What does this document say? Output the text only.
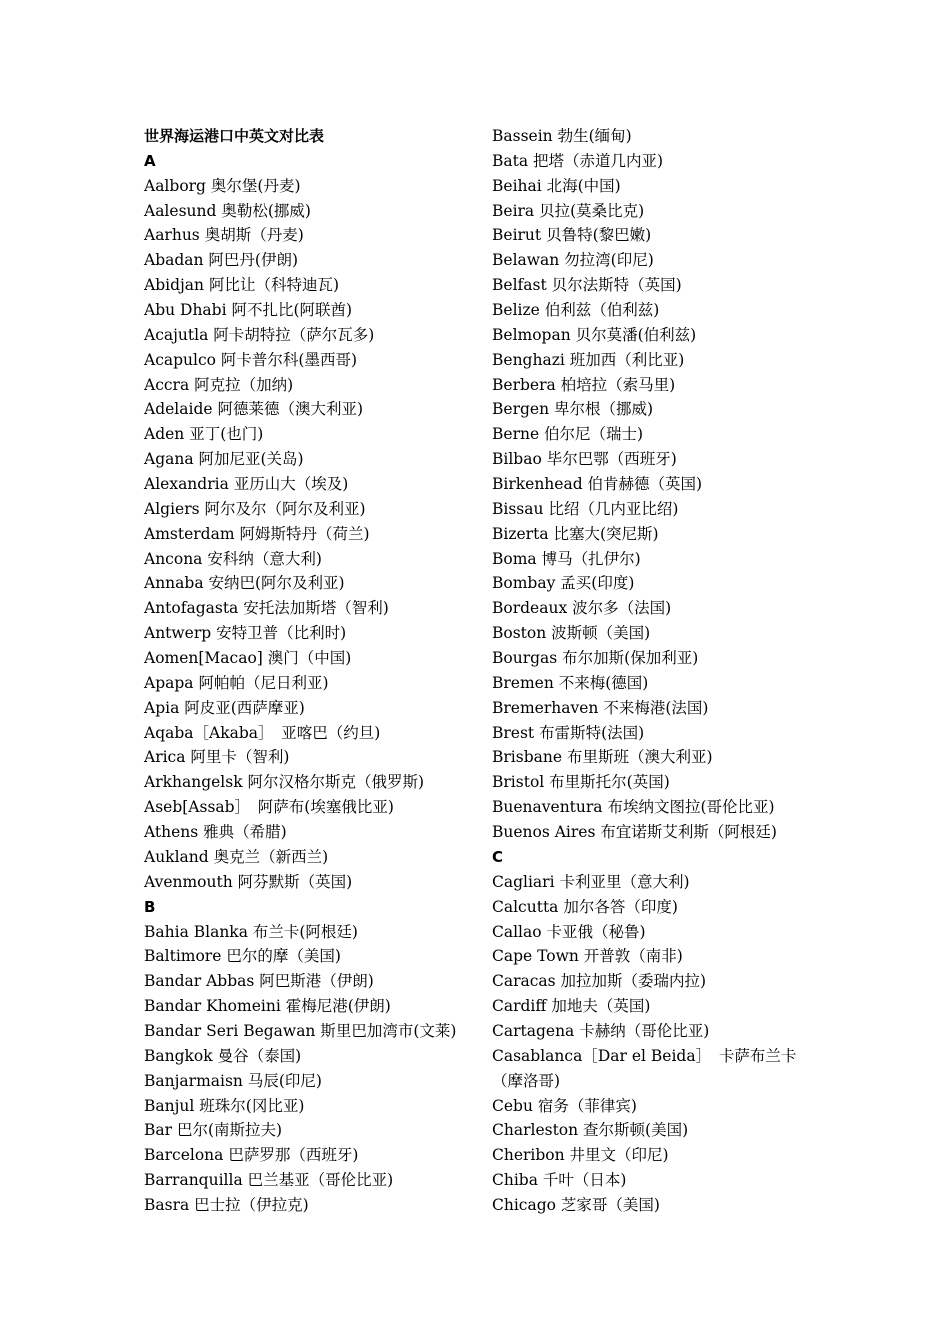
世界海运港口中英文对比表
A
Aalborg 奥尔堡(丹麦)
Aalesund 奥勒松(挪威)
Aarhus 奥胡斯（丹麦)
Abadan 阿巴丹(伊朗)
Abidjan 阿比让（科特迪瓦)
Abu Dhabi 阿不扎比(阿联酋)
Acajutla 阿卡胡特拉（萨尔瓦多)
Acapulco 阿卡普尔科(墨西哥)
Accra 阿克拉（加纳)
Adelaide 阿德莱德（澳大利亚)
Aden 亚丁(也门)
Agana 阿加尼亚(关岛)
Alexandria 亚历山大（埃及)
Algiers 阿尔及尔（阿尔及利亚)
Amsterdam 阿姆斯特丹（荷兰)
Ancona 安科纳（意大利)
Annaba 安纳巴(阿尔及利亚)
Antofagasta 安托法加斯塔（智利)
Antwerp 安特卫普（比利时)
Aomen[Macao] 澳门（中国)
Apapa 阿帕帕（尼日利亚)
Apia 阿皮亚(西萨摩亚)
Aqaba［Akaba］　亚喀巴（约旦)
Arica 阿里卡（智利)
Arkhangelsk 阿尔汉格尔斯克（俄罗斯)
Aseb[Assab］　阿萨布(埃塞俄比亚)
Athens 雅典（希腊)
Aukland 奥克兰（新西兰)
Avenmouth 阿芬默斯（英国)
B
Bahia Blanka 布兰卡(阿根廷)
Baltimore 巴尔的摩（美国)
Bandar Abbas 阿巴斯港（伊朗)
Bandar Khomeini 霍梅尼港(伊朗)
Bandar Seri Begawan 斯里巴加湾市(文莱)
Bangkok 曼谷（泰国)
Banjarmaisn 马辰(印尼)
Banjul 班珠尔(冈比亚)
Bar 巴尔(南斯拉夫)
Barcelona 巴萨罗那（西班牙)
Barranquilla 巴兰基亚（哥伦比亚)
Basra 巴士拉（伊拉克)
Bassein 勃生(缅甸)
Bata 把塔（赤道几内亚)
Beihai 北海(中国)
Beira 贝拉(莫桑比克)
Beirut 贝鲁特(黎巴嫩)
Belawan 勿拉湾(印尼)
Belfast 贝尔法斯特（英国)
Belize 伯利兹（伯利兹)
Belmopan 贝尔莫潘(伯利兹)
Benghazi 班加西（利比亚)
Berbera 柏培拉（索马里)
Bergen 卑尔根（挪威)
Berne 伯尔尼（瑞士)
Bilbao 毕尔巴鄂（西班牙)
Birkenhead 伯肯赫德（英国)
Bissau 比绍（几内亚比绍)
Bizerta 比塞大(突尼斯)
Boma 博马（扎伊尔)
Bombay 孟买(印度)
Bordeaux 波尔多（法国)
Boston 波斯顿（美国)
Bourgas 布尔加斯(保加利亚)
Bremen 不来梅(德国)
Bremerhaven 不来梅港(法国)
Brest 布雷斯特(法国)
Brisbane 布里斯班（澳大利亚)
Bristol 布里斯托尔(英国)
Buenaventura 布埃纳文图拉(哥伦比亚)
Buenos Aires 布宜诺斯艾利斯（阿根廷)
C
Cagliari 卡利亚里（意大利)
Calcutta 加尔各答（印度)
Callao 卡亚俄（秘鲁)
Cape Town 开普敦（南非)
Caracas 加拉加斯（委瑞内拉)
Cardiff 加地夫（英国)
Cartagena 卡赫纳（哥伦比亚)
Casablanca［Dar el Beida］　卡萨布兰卡
（摩洛哥)
Cebu 宿务（菲律宾)
Charleston 查尔斯顿(美国)
Cheribon 井里文（印尼)
Chiba 千叶（日本)
Chicago 芝家哥（美国)
